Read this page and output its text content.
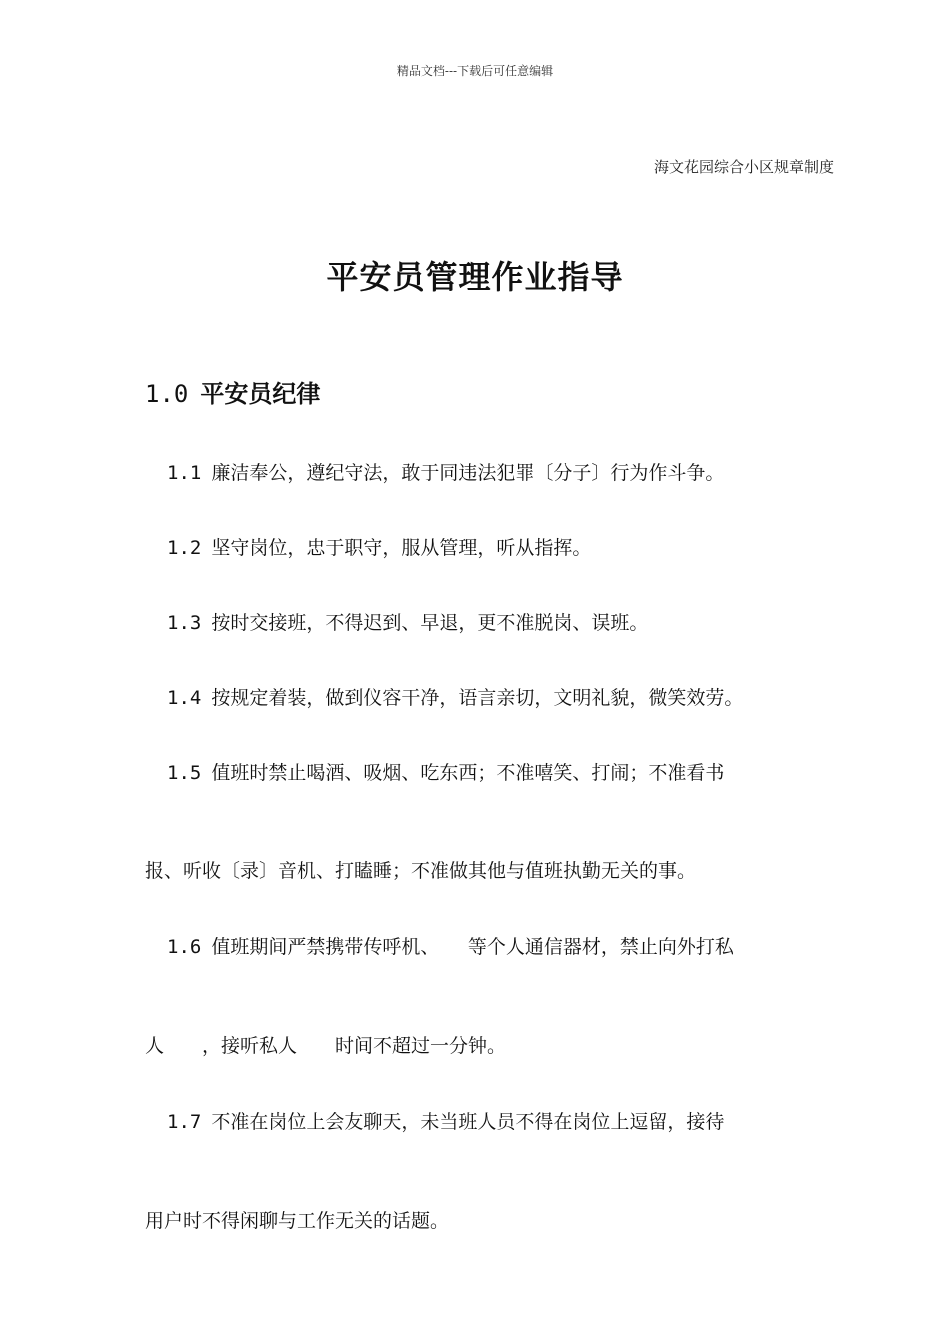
精品文档---下载后可任意编辑
海文花园综合小区规章制度
平安员管理作业指导
1.0 平安员纪律
1.1 廉洁奉公，遵纪守法，敢于同违法犯罪〔分子〕行为作斗争。
1.2 坚守岗位，忠于职守，服从管理，听从指挥。
1.3 按时交接班，不得迟到、早退，更不准脱岗、误班。
1.4 按规定着装，做到仪容干净，语言亲切，文明礼貌，微笑效劳。
1.5 值班时禁止喝酒、吸烟、吃东西；不准嘻笑、打闹；不准看书
报、听收〔录〕音机、打瞌睡；不准做其他与值班执勤无关的事。
1.6 值班期间严禁携带传呼机、　　等个人通信器材，禁止向外打私
人　　，接听私人　　时间不超过一分钟。
1.7 不准在岗位上会友聊天，未当班人员不得在岗位上逗留，接待
用户时不得闲聊与工作无关的话题。
